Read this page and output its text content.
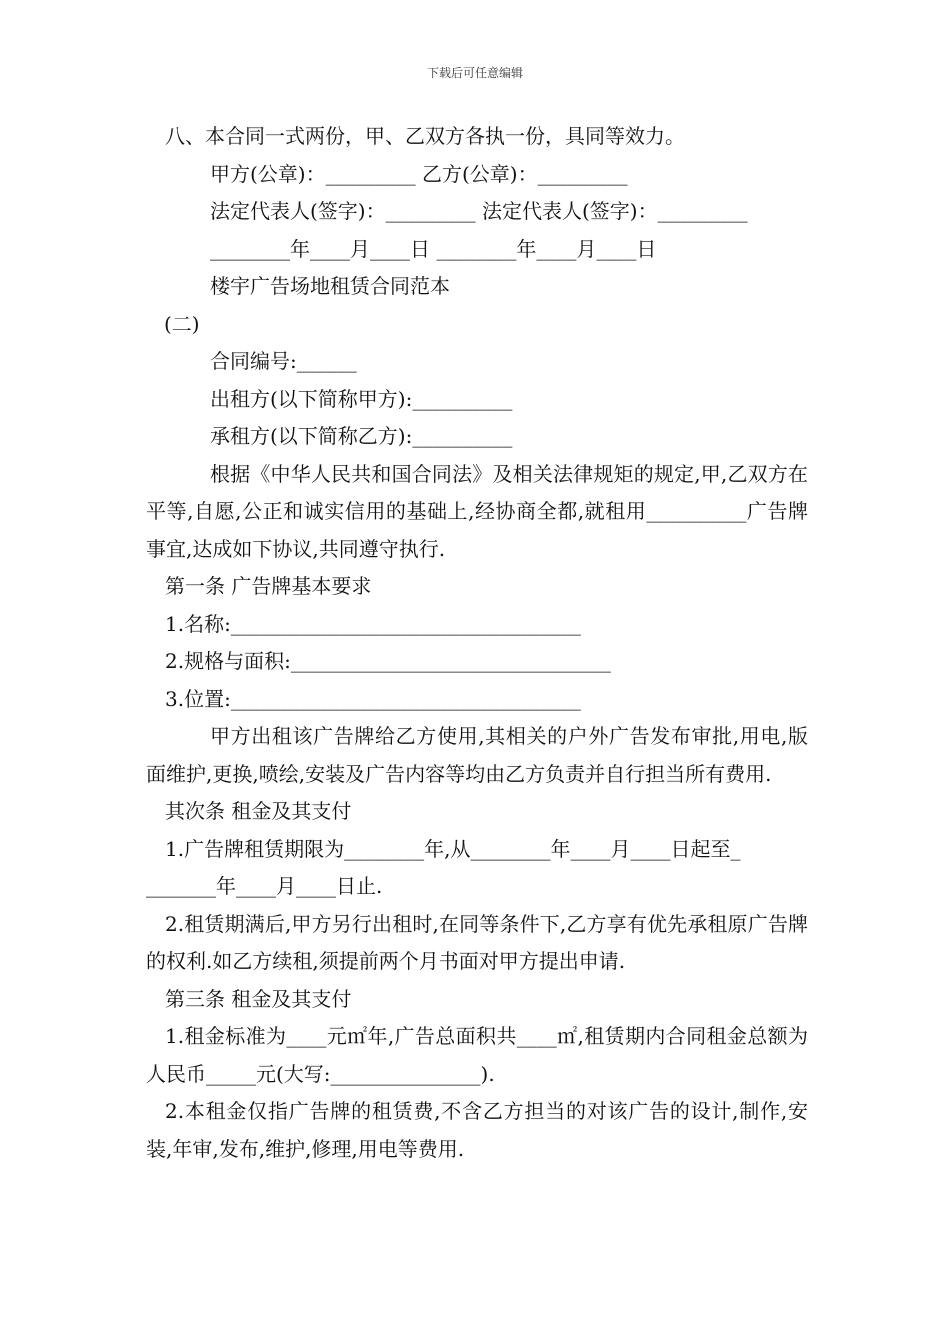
下载后可任意编辑
八、本合同一式两份，甲、乙双方各执一份，具同等效力。
甲方(公章)：_________ 乙方(公章)：_________
法定代表人(签字)：_________ 法定代表人(签字)：_________
________年____月____日 ________年____月____日
楼宇广告场地租赁合同范本
(二)
合同编号:______
出租方(以下简称甲方):__________
承租方(以下简称乙方):__________
根据《中华人民共和国合同法》及相关法律规矩的规定,甲,乙双方在平等,自愿,公正和诚实信用的基础上,经协商全都,就租用__________广告牌事宜,达成如下协议,共同遵守执行.
第一条 广告牌基本要求
1.名称:___________________________________
2.规格与面积:________________________________
3.位置:___________________________________
甲方出租该广告牌给乙方使用,其相关的户外广告发布审批,用电,版面维护,更换,喷绘,安装及广告内容等均由乙方负责并自行担当所有费用.
其次条 租金及其支付
1.广告牌租赁期限为________年,从________年____月____日起至_
_______年____月____日止.
2.租赁期满后,甲方另行出租时,在同等条件下,乙方享有优先承租原广告牌的权利.如乙方续租,须提前两个月书面对甲方提出申请.
第三条 租金及其支付
1.租金标准为____元㎡年,广告总面积共____㎡,租赁期内合同租金总额为人民币_____元(大写:_______________).
2.本租金仅指广告牌的租赁费,不含乙方担当的对该广告的设计,制作,安装,年审,发布,维护,修理,用电等费用.
